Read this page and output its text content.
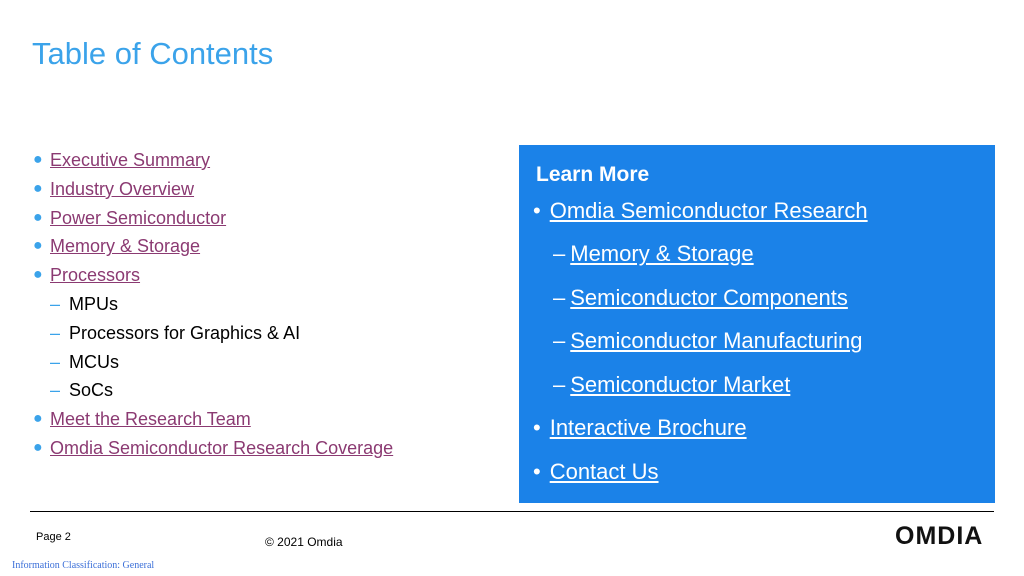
Table of Contents
● Executive Summary
● Industry Overview
● Power Semiconductor
● Memory & Storage
● Processors
– MPUs
– Processors for Graphics & AI
– MCUs
– SoCs
● Meet the Research Team
● Omdia Semiconductor Research Coverage
Learn More
• Omdia Semiconductor Research
– Memory & Storage
– Semiconductor Components
– Semiconductor Manufacturing
– Semiconductor Market
• Interactive Brochure
• Contact Us
Page 2	© 2021 Omdia	OMDIA
Information Classification: General
